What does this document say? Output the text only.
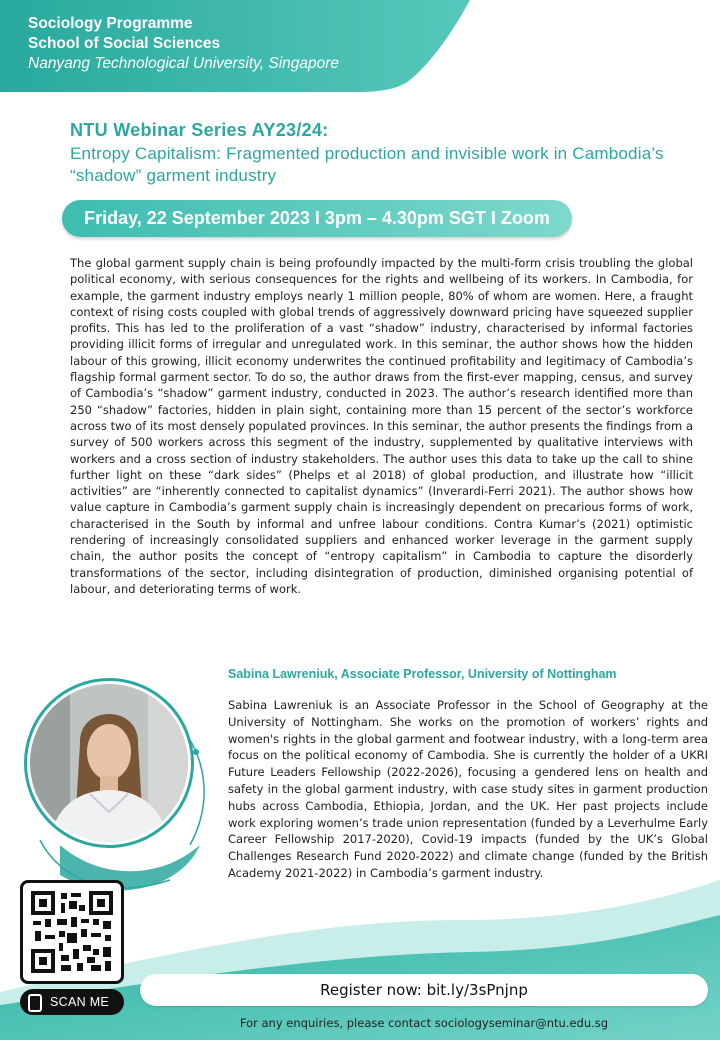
Sociology Programme
School of Social Sciences
Nanyang Technological University, Singapore
NTU Webinar Series AY23/24:
Entropy Capitalism: Fragmented production and invisible work in Cambodia’s “shadow” garment industry
Friday, 22 September 2023 I 3pm – 4.30pm SGT I Zoom

The global garment supply chain is being profoundly impacted by the multi-form crisis troubling the global political economy, with serious consequences for the rights and wellbeing of its workers. In Cambodia, for example, the garment industry employs nearly 1 million people, 80% of whom are women. Here, a fraught context of rising costs coupled with global trends of aggressively downward pricing have squeezed supplier profits. This has led to the proliferation of a vast “shadow” industry, characterised by informal factories providing illicit forms of irregular and unregulated work. In this seminar, the author shows how the hidden labour of this growing, illicit economy underwrites the continued profitability and legitimacy of Cambodia’s flagship formal garment sector. To do so, the author draws from the first-ever mapping, census, and survey of Cambodia’s “shadow” garment industry, conducted in 2023. The author’s research identified more than 250 “shadow” factories, hidden in plain sight, containing more than 15 percent of the sector’s workforce across two of its most densely populated provinces. In this seminar, the author presents the findings from a survey of 500 workers across this segment of the industry, supplemented by qualitative interviews with workers and a cross section of industry stakeholders. The author uses this data to take up the call to shine further light on these “dark sides” (Phelps et al 2018) of global production, and illustrate how “illicit activities” are “inherently connected to capitalist dynamics” (Inverardi-Ferri 2021). The author shows how value capture in Cambodia’s garment supply chain is increasingly dependent on precarious forms of work, characterised in the South by informal and unfree labour conditions. Contra Kumar’s (2021) optimistic rendering of increasingly consolidated suppliers and enhanced worker leverage in the garment supply chain, the author posits the concept of “entropy capitalism” in Cambodia to capture the disorderly transformations of the sector, including disintegration of production, diminished organising potential of labour, and deteriorating terms of work.

Sabina Lawreniuk, Associate Professor, University of Nottingham

Sabina Lawreniuk is an Associate Professor in the School of Geography at the University of Nottingham. She works on the promotion of workers’ rights and women's rights in the global garment and footwear industry, with a long-term area focus on the political economy of Cambodia. She is currently the holder of a UKRI Future Leaders Fellowship (2022-2026), focusing a gendered lens on health and safety in the global garment industry, with case study sites in garment production hubs across Cambodia, Ethiopia, Jordan, and the UK. Her past projects include work exploring women’s trade union representation (funded by a Leverhulme Early Career Fellowship 2017-2020), Covid-19 impacts (funded by the UK’s Global Challenges Research Fund 2020-2022) and climate change (funded by the British Academy 2021-2022) in Cambodia’s garment industry.

SCAN ME
Register now: bit.ly/3sPnjnp
For any enquiries, please contact sociologyseminar@ntu.edu.sg
